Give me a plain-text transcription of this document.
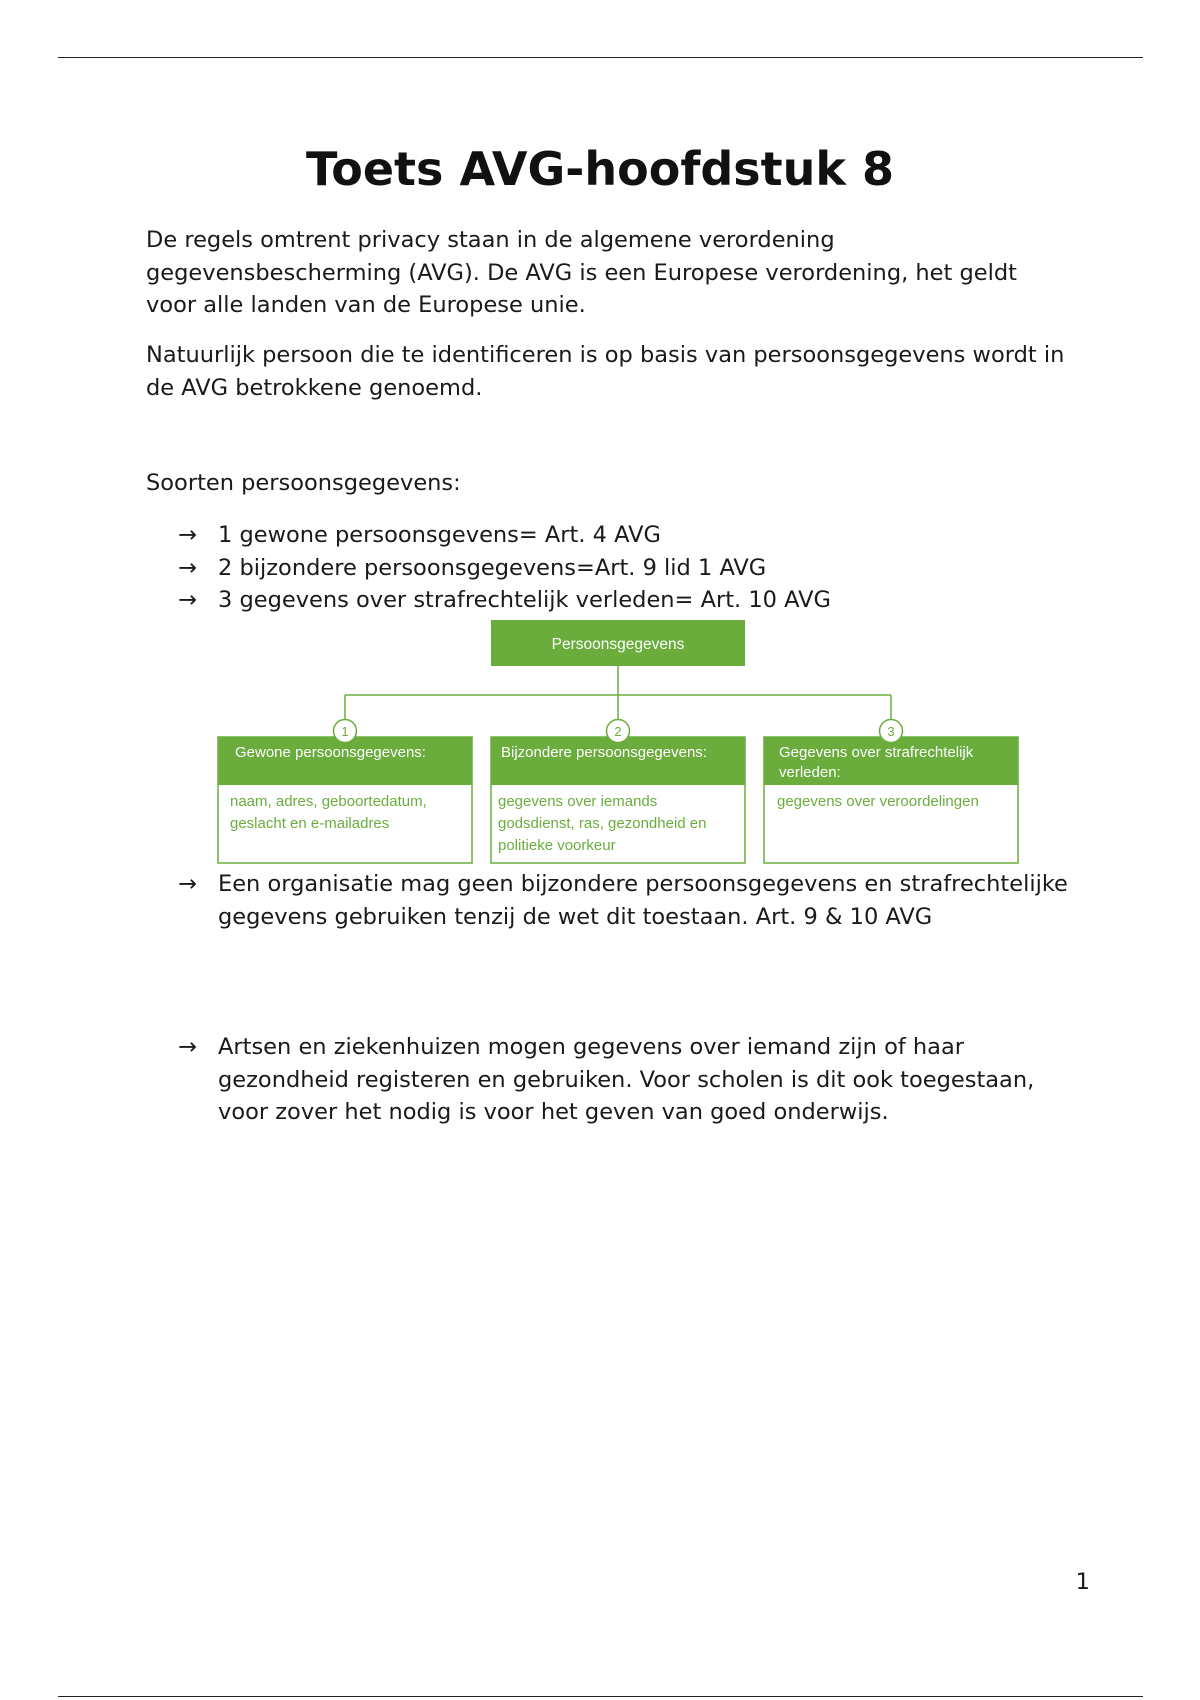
Toets AVG-hoofdstuk 8

De regels omtrent privacy staan in de algemene verordening gegevensbescherming (AVG). De AVG is een Europese verordening, het geldt voor alle landen van de Europese unie.

Natuurlijk persoon die te identificeren is op basis van persoonsgegevens wordt in de AVG betrokkene genoemd.

Soorten persoonsgegevens:

→ 1 gewone persoonsgevens= Art. 4 AVG
→ 2 bijzondere persoonsgegevens=Art. 9 lid 1 AVG
→ 3 gegevens over strafrechtelijk verleden= Art. 10 AVG
Persoonsgegevens
1
Gewone persoonsgegevens:
naam, adres, geboortedatum,
geslacht en e-mailadres
2
Bijzondere persoonsgegevens:
gegevens over iemands
godsdienst, ras, gezondheid en
politieke voorkeur
3
Gegevens over strafrechtelijk
verleden:
gegevens over veroordelingen
→ Een organisatie mag geen bijzondere persoonsgegevens en strafrechtelijke gegevens gebruiken tenzij de wet dit toestaan. Art. 9 & 10 AVG
→ Artsen en ziekenhuizen mogen gegevens over iemand zijn of haar gezondheid registeren en gebruiken. Voor scholen is dit ook toegestaan, voor zover het nodig is voor het geven van goed onderwijs.
1
